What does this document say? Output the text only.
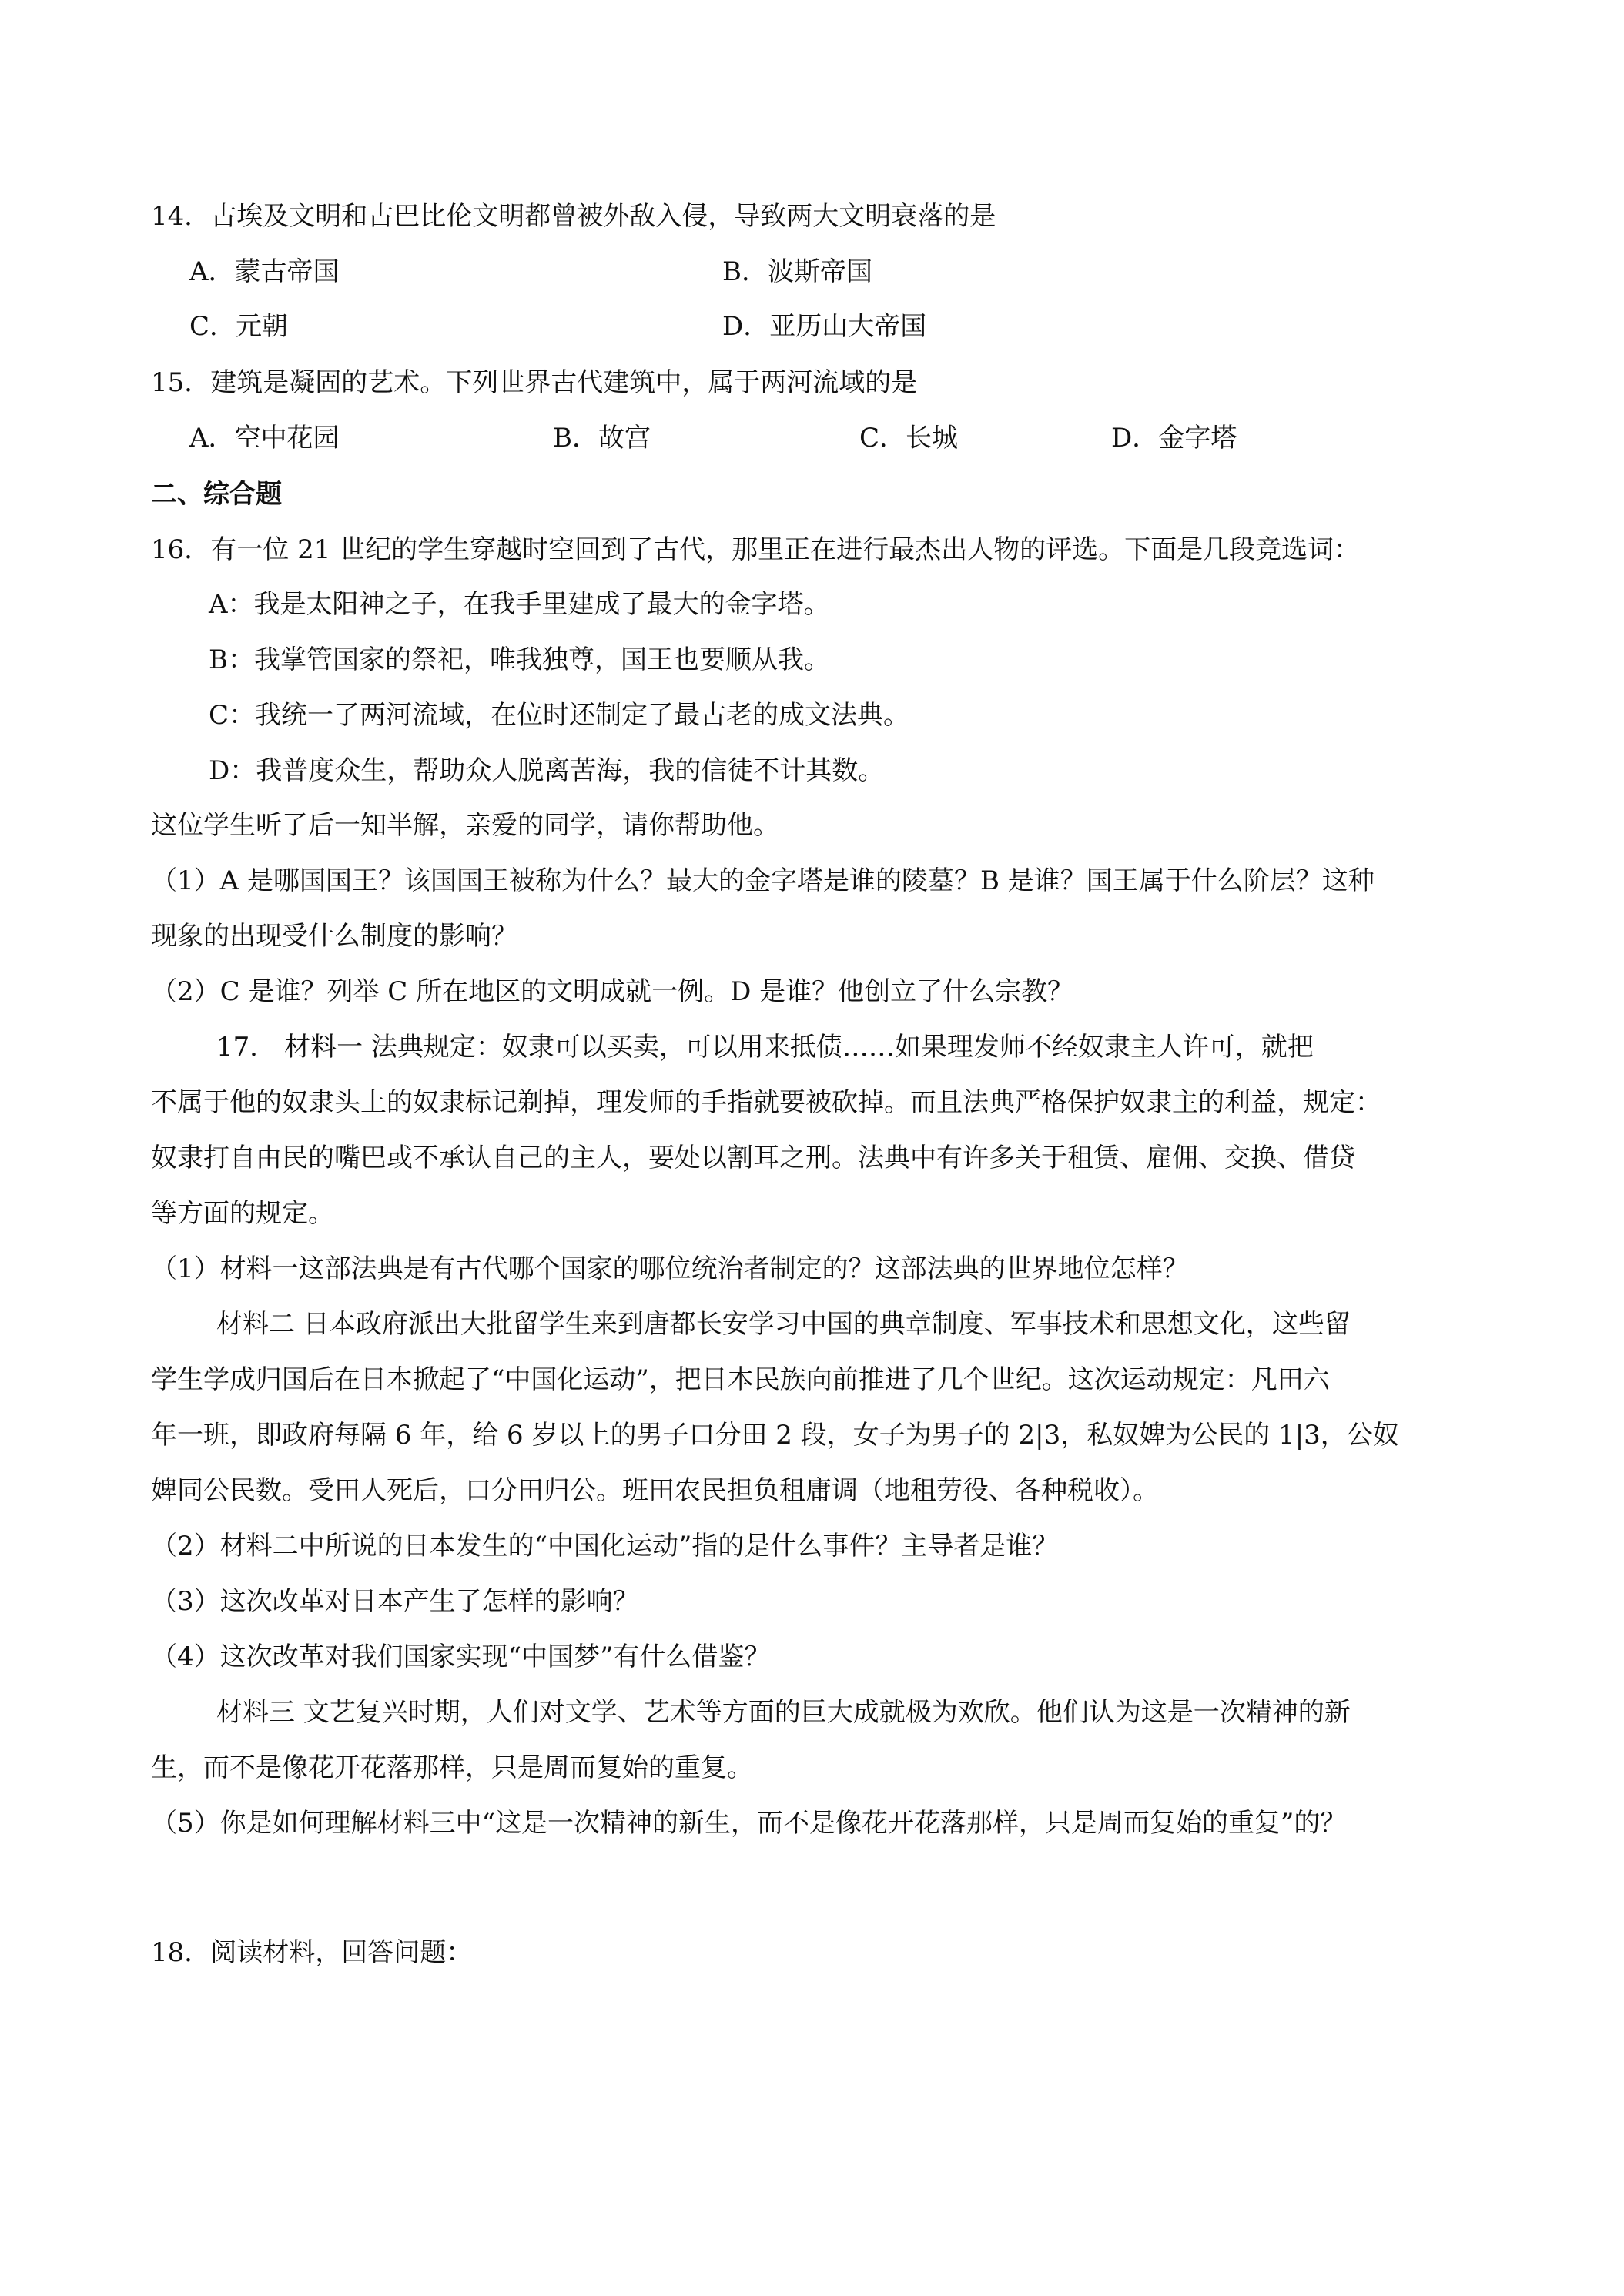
14．古埃及文明和古巴比伦文明都曾被外敌入侵，导致两大文明衰落的是
A．蒙古帝国	B．波斯帝国
C．元朝	D．亚历山大帝国
15．建筑是凝固的艺术。下列世界古代建筑中，属于两河流域的是
A．空中花园	B．故宫	C．长城	D．金字塔
二、综合题
16．有一位 21 世纪的学生穿越时空回到了古代，那里正在进行最杰出人物的评选。下面是几段竞选词：
A：我是太阳神之子，在我手里建成了最大的金字塔。
B：我掌管国家的祭祀，唯我独尊，国王也要顺从我。
C：我统一了两河流域，在位时还制定了最古老的成文法典。
D：我普度众生，帮助众人脱离苦海，我的信徒不计其数。
这位学生听了后一知半解，亲爱的同学，请你帮助他。
（1）A 是哪国国王？该国国王被称为什么？最大的金字塔是谁的陵墓？B 是谁？国王属于什么阶层？这种
现象的出现受什么制度的影响？
（2）C 是谁？列举 C 所在地区的文明成就一例。D 是谁？他创立了什么宗教？
17． 材料一 法典规定：奴隶可以买卖，可以用来抵债……如果理发师不经奴隶主人许可，就把
不属于他的奴隶头上的奴隶标记剃掉，理发师的手指就要被砍掉。而且法典严格保护奴隶主的利益，规定：
奴隶打自由民的嘴巴或不承认自己的主人，要处以割耳之刑。法典中有许多关于租赁、雇佣、交换、借贷
等方面的规定。
（1）材料一这部法典是有古代哪个国家的哪位统治者制定的？这部法典的世界地位怎样？
材料二 日本政府派出大批留学生来到唐都长安学习中国的典章制度、军事技术和思想文化，这些留
学生学成归国后在日本掀起了“中国化运动”，把日本民族向前推进了几个世纪。这次运动规定：凡田六
年一班，即政府每隔 6 年，给 6 岁以上的男子口分田 2 段，女子为男子的 2|3，私奴婢为公民的 1|3，公奴
婢同公民数。受田人死后，口分田归公。班田农民担负租庸调（地租劳役、各种税收）。
（2）材料二中所说的日本发生的“中国化运动”指的是什么事件？主导者是谁？
（3）这次改革对日本产生了怎样的影响？
（4）这次改革对我们国家实现“中国梦”有什么借鉴？
材料三 文艺复兴时期，人们对文学、艺术等方面的巨大成就极为欢欣。他们认为这是一次精神的新
生，而不是像花开花落那样，只是周而复始的重复。
（5）你是如何理解材料三中“这是一次精神的新生，而不是像花开花落那样，只是周而复始的重复”的？
18．阅读材料，回答问题：
